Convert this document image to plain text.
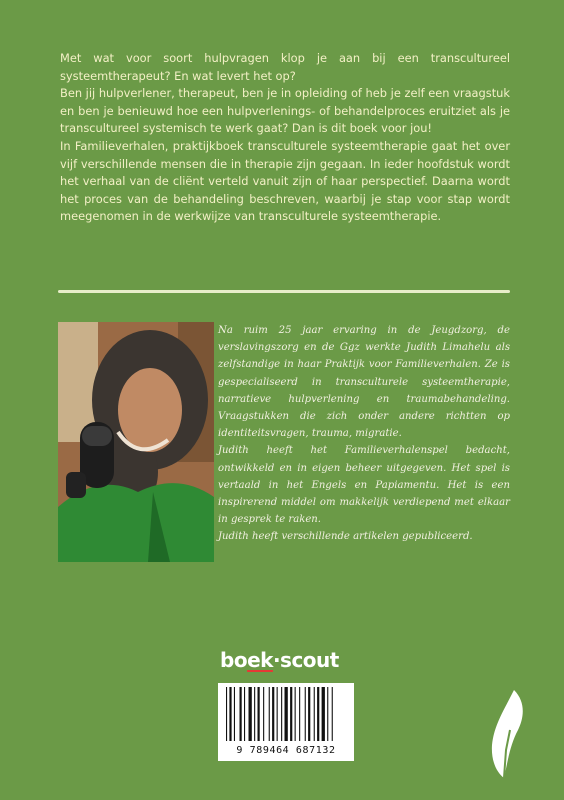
Met wat voor soort hulpvragen klop je aan bij een transcultureel systeemtherapeut? En wat levert het op?

Ben jij hulpverlener, therapeut, ben je in opleiding of heb je zelf een vraagstuk en ben je benieuwd hoe een hulpverlenings- of behandelproces eruitziet als je transcultureel systemisch te werk gaat? Dan is dit boek voor jou!

In Familieverhalen, praktijkboek transculturele systeemtherapie gaat het over vijf verschillende mensen die in therapie zijn gegaan. In ieder hoofdstuk wordt het verhaal van de cliënt verteld vanuit zijn of haar perspectief. Daarna wordt het proces van de behandeling beschreven, waarbij je stap voor stap wordt meegenomen in de werkwijze van transculturele systeemtherapie.

Na ruim 25 jaar ervaring in de Jeugdzorg, de verslavingszorg en de Ggz werkte Judith Limahelu als zelfstandige in haar Praktijk voor Familieverhalen. Ze is gespecialiseerd in transculturele systeemtherapie, narratieve hulpverlening en traumabehandeling. Vraagstukken die zich onder andere richtten op identiteitsvragen, trauma, migratie.

Judith heeft het Familieverhalenspel bedacht, ontwikkeld en in eigen beheer uitgegeven. Het spel is vertaald in het Engels en Papiamentu. Het is een inspirerend middel om makkelijk verdiepend met elkaar in gesprek te raken.

Judith heeft verschillende artikelen gepubliceerd.

boek·scout
9 789464 687132
